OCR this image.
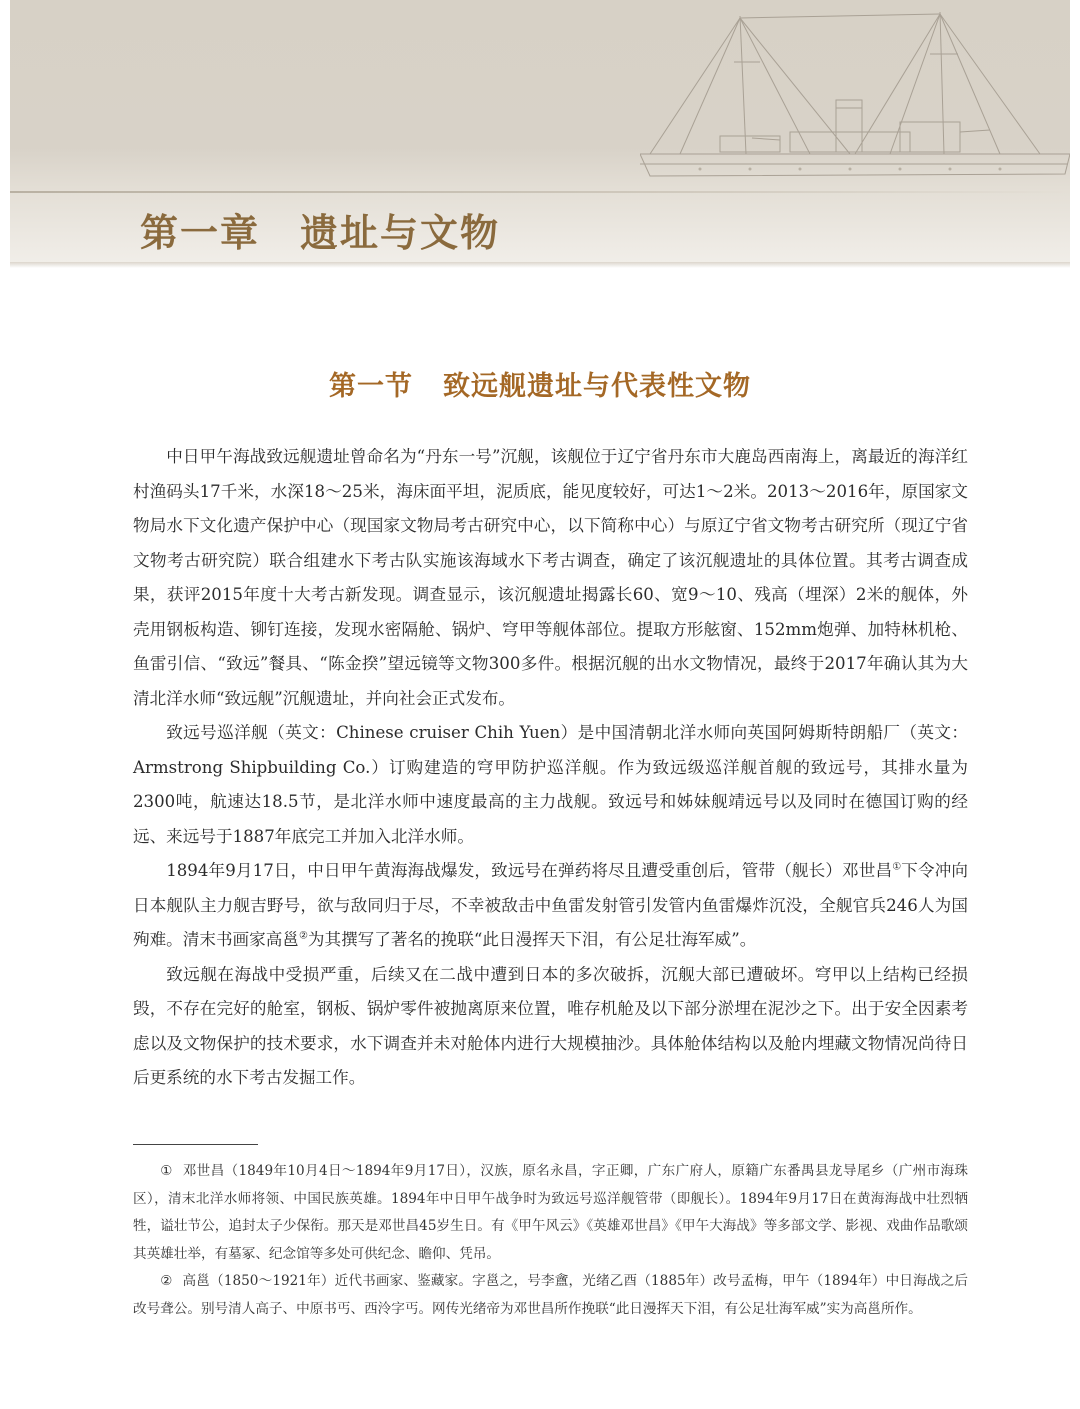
第一章 遗址与文物
第一节 致远舰遗址与代表性文物

中日甲午海战致远舰遗址曾命名为“丹东一号”沉舰，该舰位于辽宁省丹东市大鹿岛西南海上，离最近的海洋红村渔码头17千米，水深18～25米，海床面平坦，泥质底，能见度较好，可达1～2米。2013～2016年，原国家文物局水下文化遗产保护中心（现国家文物局考古研究中心，以下简称中心）与原辽宁省文物考古研究所（现辽宁省文物考古研究院）联合组建水下考古队实施该海域水下考古调查，确定了该沉舰遗址的具体位置。其考古调查成果，获评2015年度十大考古新发现。调查显示，该沉舰遗址揭露长60、宽9～10、残高（埋深）2米的舰体，外壳用钢板构造、铆钉连接，发现水密隔舱、锅炉、穹甲等舰体部位。提取方形舷窗、152mm炮弹、加特林机枪、鱼雷引信、“致远”餐具、“陈金揆”望远镜等文物300多件。根据沉舰的出水文物情况，最终于2017年确认其为大清北洋水师“致远舰”沉舰遗址，并向社会正式发布。

致远号巡洋舰（英文：Chinese cruiser Chih Yuen）是中国清朝北洋水师向英国阿姆斯特朗船厂（英文：Armstrong Shipbuilding Co.）订购建造的穹甲防护巡洋舰。作为致远级巡洋舰首舰的致远号，其排水量为2300吨，航速达18.5节，是北洋水师中速度最高的主力战舰。致远号和姊妹舰靖远号以及同时在德国订购的经远、来远号于1887年底完工并加入北洋水师。

1894年9月17日，中日甲午黄海海战爆发，致远号在弹药将尽且遭受重创后，管带（舰长）邓世昌①下令冲向日本舰队主力舰吉野号，欲与敌同归于尽，不幸被敌击中鱼雷发射管引发管内鱼雷爆炸沉没，全舰官兵246人为国殉难。清末书画家高邕②为其撰写了著名的挽联“此日漫挥天下泪，有公足壮海军威”。

致远舰在海战中受损严重，后续又在二战中遭到日本的多次破拆，沉舰大部已遭破坏。穹甲以上结构已经损毁，不存在完好的舱室，钢板、锅炉零件被抛离原来位置，唯存机舱及以下部分淤埋在泥沙之下。出于安全因素考虑以及文物保护的技术要求，水下调查并未对舱体内进行大规模抽沙。具体舱体结构以及舱内埋藏文物情况尚待日后更系统的水下考古发掘工作。

① 邓世昌（1849年10月4日～1894年9月17日），汉族，原名永昌，字正卿，广东广府人，原籍广东番禺县龙导尾乡（广州市海珠区），清末北洋水师将领、中国民族英雄。1894年中日甲午战争时为致远号巡洋舰管带（即舰长）。1894年9月17日在黄海海战中壮烈牺牲，谥壮节公，追封太子少保衔。那天是邓世昌45岁生日。有《甲午风云》《英雄邓世昌》《甲午大海战》等多部文学、影视、戏曲作品歌颂其英雄壮举，有墓冢、纪念馆等多处可供纪念、瞻仰、凭吊。

② 高邕（1850～1921年）近代书画家、鉴藏家。字邕之，号李盦，光绪乙酉（1885年）改号孟梅，甲午（1894年）中日海战之后改号聋公。别号清人高子、中原书丐、西泠字丐。网传光绪帝为邓世昌所作挽联“此日漫挥天下泪，有公足壮海军威”实为高邕所作。
